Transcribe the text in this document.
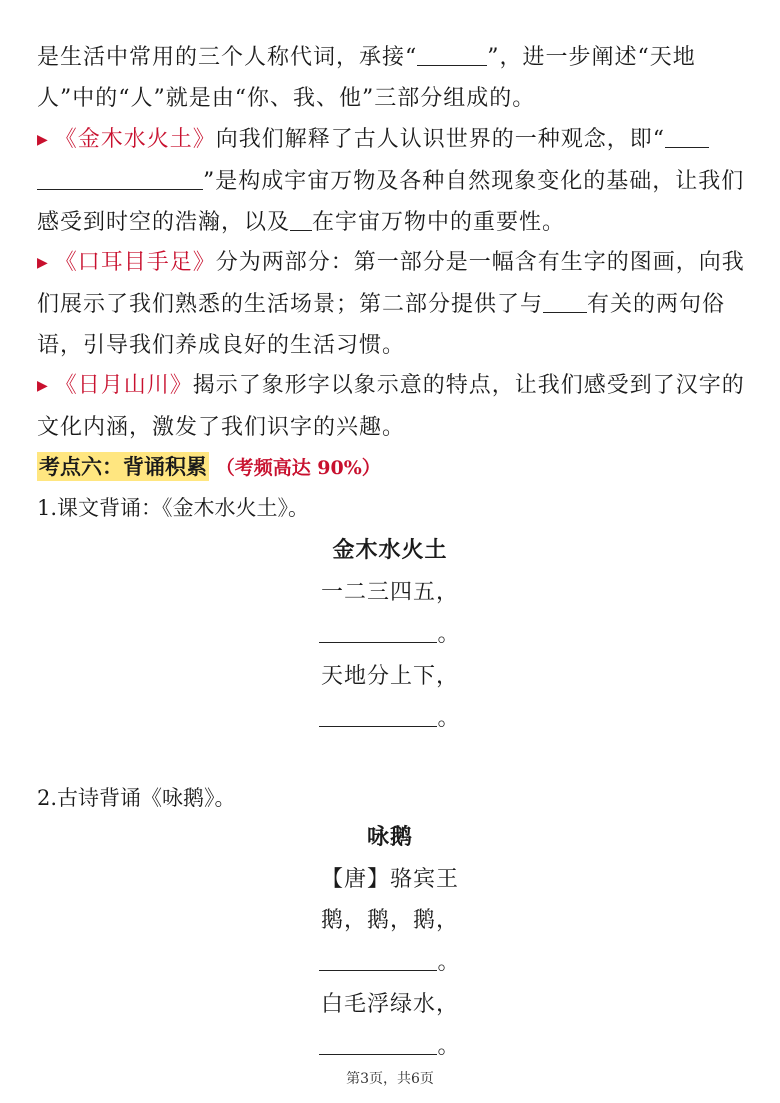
是生活中常用的三个人称代词，承接“	”，进一步阐述“天地人”中的“人”就是由“你、我、他”三部分组成的。

▶ 《金木水火土》向我们解释了古人认识世界的一种观念，即“
”是构成宇宙万物及各种自然现象变化的基础，让我们感受到时空的浩瀚，以及 在宇宙万物中的重要性。

▶ 《口耳目手足》分为两部分：第一部分是一幅含有生字的图画，向我们展示了我们熟悉的生活场景；第二部分提供了与 有关的两句俗语，引导我们养成良好的生活习惯。

▶ 《日月山川》揭示了象形字以象示意的特点，让我们感受到了汉字的文化内涵，激发了我们识字的兴趣。

考点六：背诵积累 （考频高达 90%）
1.课文背诵：《金木水火土》。
金木水火土
一二三四五，
。
天地分上下，
。
2.古诗背诵《咏鹅》。
咏鹅
【唐】骆宾王
鹅，鹅，鹅，
。
白毛浮绿水，
。
第3页，共6页
